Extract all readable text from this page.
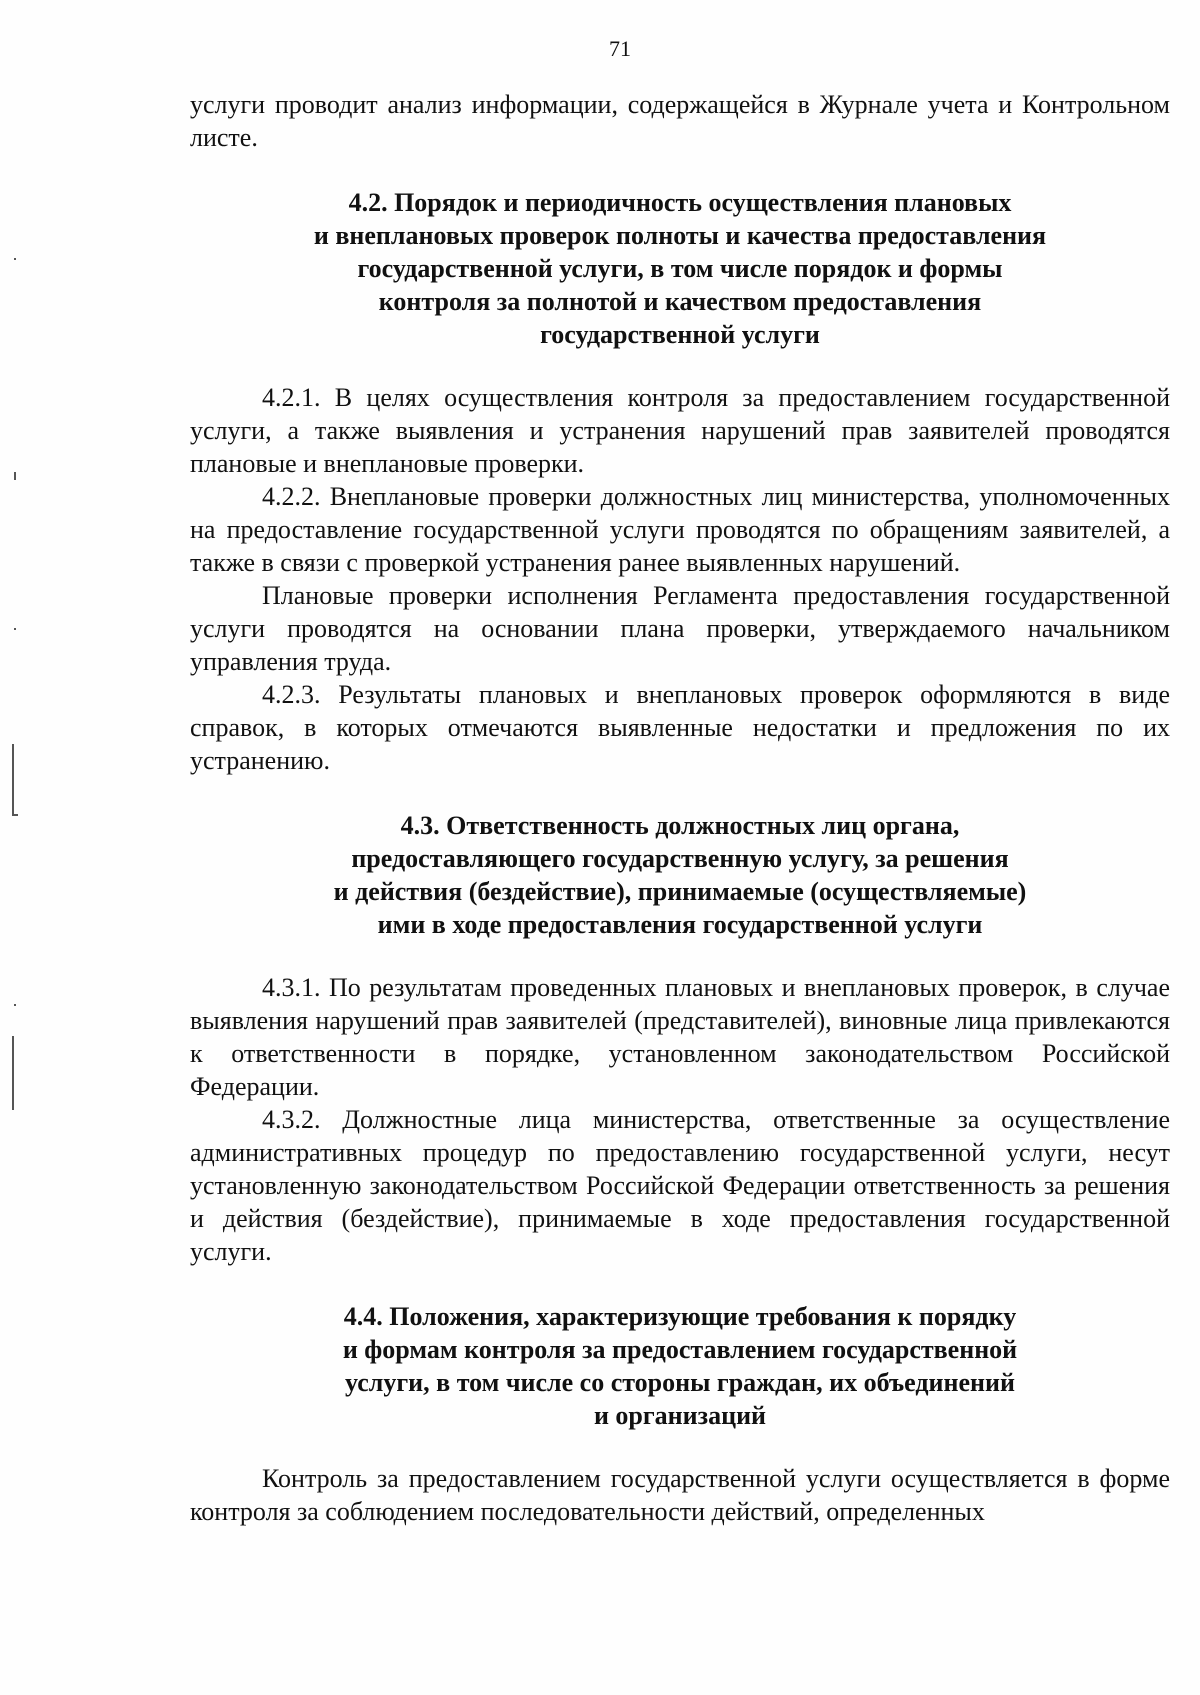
71

услуги проводит анализ информации, содержащейся в Журнале учета и Контрольном листе.

4.2. Порядок и периодичность осуществления плановых
и внеплановых проверок полноты и качества предоставления
государственной услуги, в том числе порядок и формы
контроля за полнотой и качеством предоставления
государственной услуги

4.2.1. В целях осуществления контроля за предоставлением государственной услуги, а также выявления и устранения нарушений прав заявителей проводятся плановые и внеплановые проверки.

4.2.2. Внеплановые проверки должностных лиц министерства, уполномоченных на предоставление государственной услуги проводятся по обращениям заявителей, а также в связи с проверкой устранения ранее выявленных нарушений.

Плановые проверки исполнения Регламента предоставления государственной услуги проводятся на основании плана проверки, утверждаемого начальником управления труда.

4.2.3. Результаты плановых и внеплановых проверок оформляются в виде справок, в которых отмечаются выявленные недостатки и предложения по их устранению.

4.3. Ответственность должностных лиц органа,
предоставляющего государственную услугу, за решения
и действия (бездействие), принимаемые (осуществляемые)
ими в ходе предоставления государственной услуги

4.3.1. По результатам проведенных плановых и внеплановых проверок, в случае выявления нарушений прав заявителей (представителей), виновные лица привлекаются к ответственности в порядке, установленном законодательством Российской Федерации.

4.3.2. Должностные лица министерства, ответственные за осуществление административных процедур по предоставлению государственной услуги, несут установленную законодательством Российской Федерации ответственность за решения и действия (бездействие), принимаемые в ходе предоставления государственной услуги.

4.4. Положения, характеризующие требования к порядку
и формам контроля за предоставлением государственной
услуги, в том числе со стороны граждан, их объединений
и организаций

Контроль за предоставлением государственной услуги осуществляется в форме контроля за соблюдением последовательности действий, определенных
